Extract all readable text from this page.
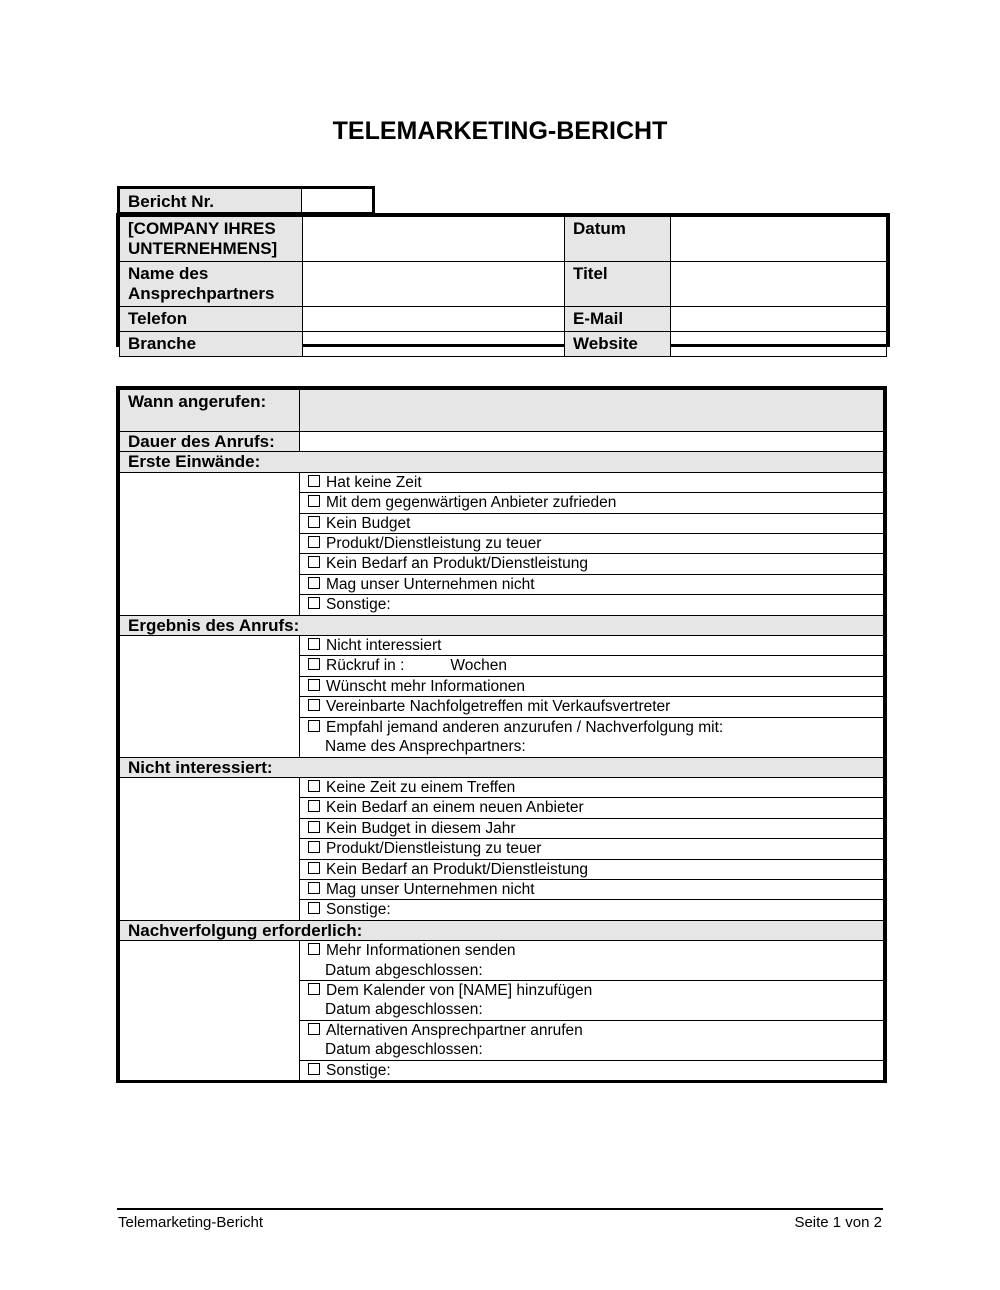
TELEMARKETING-BERICHT
Bericht Nr.
[COMPANY IHRES UNTERNEHMENS]		Datum	
Name des Ansprechpartners		Titel	
Telefon		E-Mail	
Branche		Website	
Wann angerufen:	
Dauer des Anrufs:	
Erste Einwände:	
	Hat keine Zeit
	Mit dem gegenwärtigen Anbieter zufrieden
	Kein Budget
	Produkt/Dienstleistung zu teuer
	Kein Bedarf an Produkt/Dienstleistung
	Mag unser Unternehmen nicht
	Sonstige:
Ergebnis des Anrufs:	
	Nicht interessiert
	Rückruf in : Wochen
	Wünscht mehr Informationen
	Vereinbarte Nachfolgetreffen mit Verkaufsvertreter
	Empfahl jemand anderen anzurufen / Nachverfolgung mit:
Name des Ansprechpartners:

Nicht interessiert:	
	Keine Zeit zu einem Treffen
	Kein Bedarf an einem neuen Anbieter
	Kein Budget in diesem Jahr
	Produkt/Dienstleistung zu teuer
	Kein Bedarf an Produkt/Dienstleistung
	Mag unser Unternehmen nicht
	Sonstige:
Nachverfolgung erforderlich:	
	Mehr Informationen senden
Datum abgeschlossen:

	Dem Kalender von [NAME] hinzufügen
Datum abgeschlossen:

	Alternativen Ansprechpartner anrufen
Datum abgeschlossen:

	Sonstige:
Telemarketing-Bericht	Seite 1 von 2
